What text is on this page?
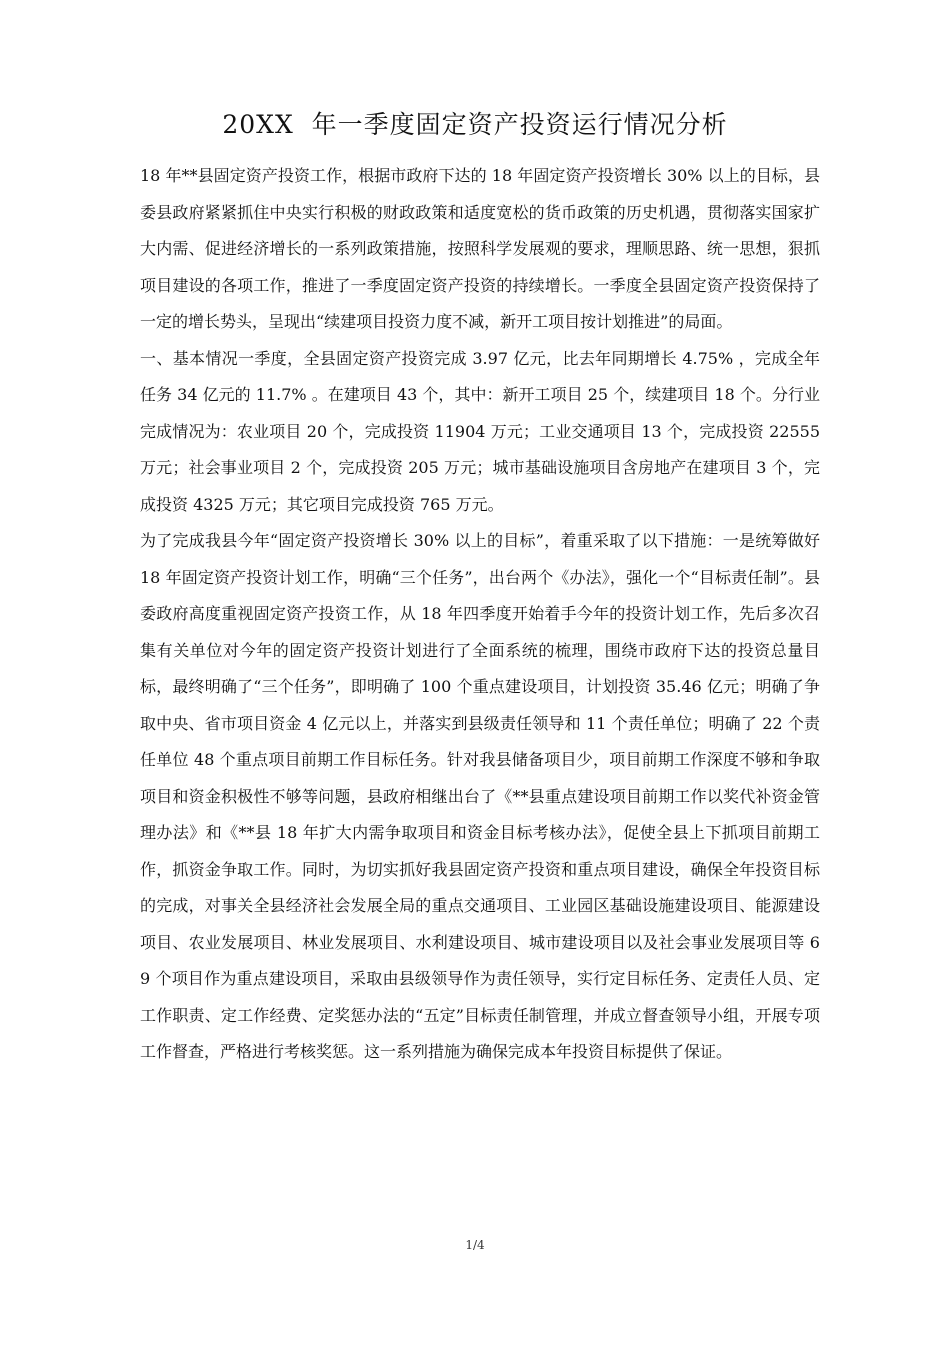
20XX  年一季度固定资产投资运行情况分析

18 年**县固定资产投资工作，根据市政府下达的 18 年固定资产投资增长 30% 以上的目标，县委县政府紧紧抓住中央实行积极的财政政策和适度宽松的货币政策的历史机遇，贯彻落实国家扩大内需、促进经济增长的一系列政策措施，按照科学发展观的要求，理顺思路、统一思想，狠抓项目建设的各项工作，推进了一季度固定资产投资的持续增长。一季度全县固定资产投资保持了一定的增长势头，呈现出“续建项目投资力度不减，新开工项目按计划推进”的局面。

一、基本情况一季度，全县固定资产投资完成 3.97 亿元，比去年同期增长 4.75% ，完成全年任务 34 亿元的 11.7% 。在建项目 43 个，其中：新开工项目 25 个，续建项目 18 个。分行业完成情况为：农业项目 20 个，完成投资 11904 万元；工业交通项目 13 个，完成投资 22555 万元；社会事业项目 2 个，完成投资 205 万元；城市基础设施项目含房地产在建项目 3 个，完成投资 4325 万元；其它项目完成投资 765 万元。

为了完成我县今年“固定资产投资增长 30% 以上的目标”，着重采取了以下措施：一是统筹做好 18 年固定资产投资计划工作，明确“三个任务”，出台两个《办法》，强化一个“目标责任制”。县委政府高度重视固定资产投资工作，从 18 年四季度开始着手今年的投资计划工作，先后多次召集有关单位对今年的固定资产投资计划进行了全面系统的梳理，围绕市政府下达的投资总量目标，最终明确了“三个任务”，即明确了 100 个重点建设项目，计划投资 35.46 亿元；明确了争取中央、省市项目资金 4 亿元以上，并落实到县级责任领导和 11 个责任单位；明确了 22 个责任单位 48 个重点项目前期工作目标任务。针对我县储备项目少，项目前期工作深度不够和争取项目和资金积极性不够等问题，县政府相继出台了《**县重点建设项目前期工作以奖代补资金管理办法》和《**县 18 年扩大内需争取项目和资金目标考核办法》，促使全县上下抓项目前期工作，抓资金争取工作。同时，为切实抓好我县固定资产投资和重点项目建设，确保全年投资目标的完成，对事关全县经济社会发展全局的重点交通项目、工业园区基础设施建设项目、能源建设项目、农业发展项目、林业发展项目、水利建设项目、城市建设项目以及社会事业发展项目等 69 个项目作为重点建设项目，采取由县级领导作为责任领导，实行定目标任务、定责任人员、定工作职责、定工作经费、定奖惩办法的“五定”目标责任制管理，并成立督查领导小组，开展专项工作督查，严格进行考核奖惩。这一系列措施为确保完成本年投资目标提供了保证。

1/4
